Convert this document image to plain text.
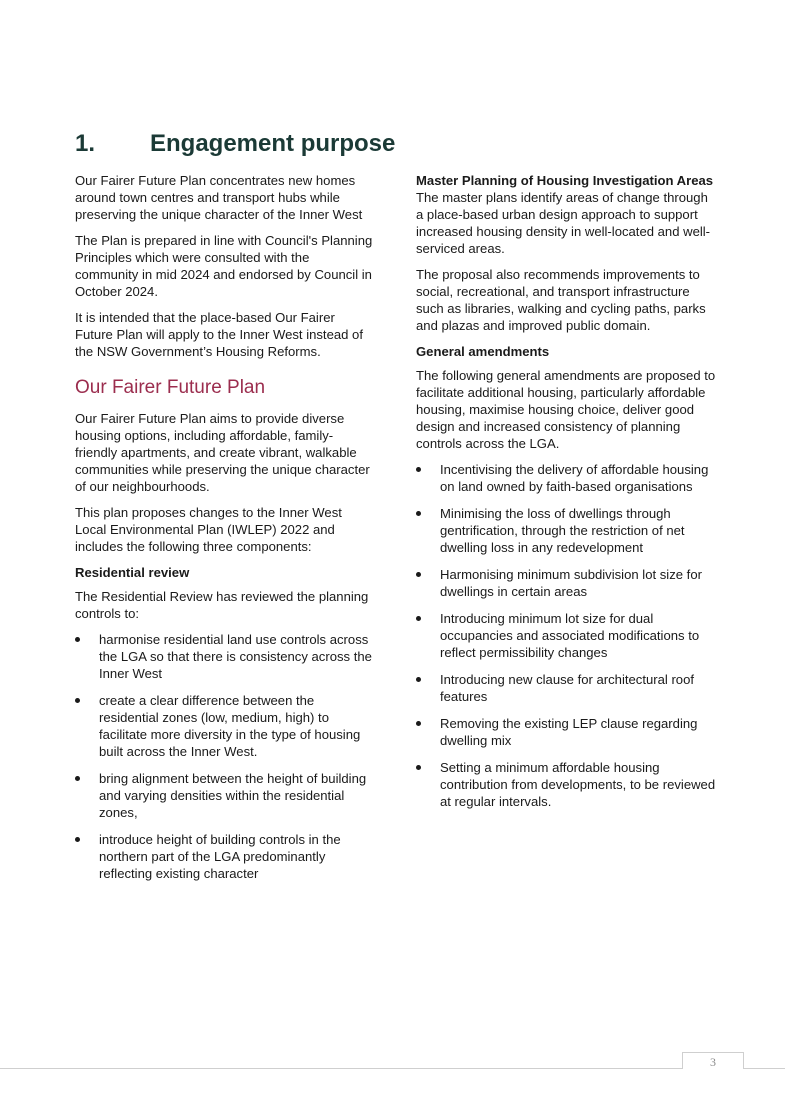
1. Engagement purpose

Our Fairer Future Plan concentrates new homes around town centres and transport hubs while preserving the unique character of the Inner West

The Plan is prepared in line with Council's Planning Principles which were consulted with the community in mid 2024 and endorsed by Council in October 2024.

It is intended that the place-based Our Fairer Future Plan will apply to the Inner West instead of the NSW Government’s Housing Reforms.

Our Fairer Future Plan

Our Fairer Future Plan aims to provide diverse housing options, including affordable, family-friendly apartments, and create vibrant, walkable communities while preserving the unique character of our neighbourhoods.

This plan proposes changes to the Inner West Local Environmental Plan (IWLEP) 2022 and includes the following three components:

Residential review

The Residential Review has reviewed the planning controls to:

harmonise residential land use controls across the LGA so that there is consistency across the Inner West
create a clear difference between the residential zones (low, medium, high) to facilitate more diversity in the type of housing built across the Inner West.
bring alignment between the height of building and varying densities within the residential zones,
introduce height of building controls in the northern part of the LGA predominantly reflecting existing character
Master Planning of Housing Investigation Areas

The master plans identify areas of change through a place-based urban design approach to support increased housing density in well-located and well-serviced areas.

The proposal also recommends improvements to social, recreational, and transport infrastructure such as libraries, walking and cycling paths, parks and plazas and improved public domain.

General amendments

The following general amendments are proposed to facilitate additional housing, particularly affordable housing, maximise housing choice, deliver good design and increased consistency of planning controls across the LGA.

Incentivising the delivery of affordable housing on land owned by faith-based organisations
Minimising the loss of dwellings through gentrification, through the restriction of net dwelling loss in any redevelopment
Harmonising minimum subdivision lot size for dwellings in certain areas
Introducing minimum lot size for dual occupancies and associated modifications to reflect permissibility changes
Introducing new clause for architectural roof features
Removing the existing LEP clause regarding dwelling mix
Setting a minimum affordable housing contribution from developments, to be reviewed at regular intervals.
3
